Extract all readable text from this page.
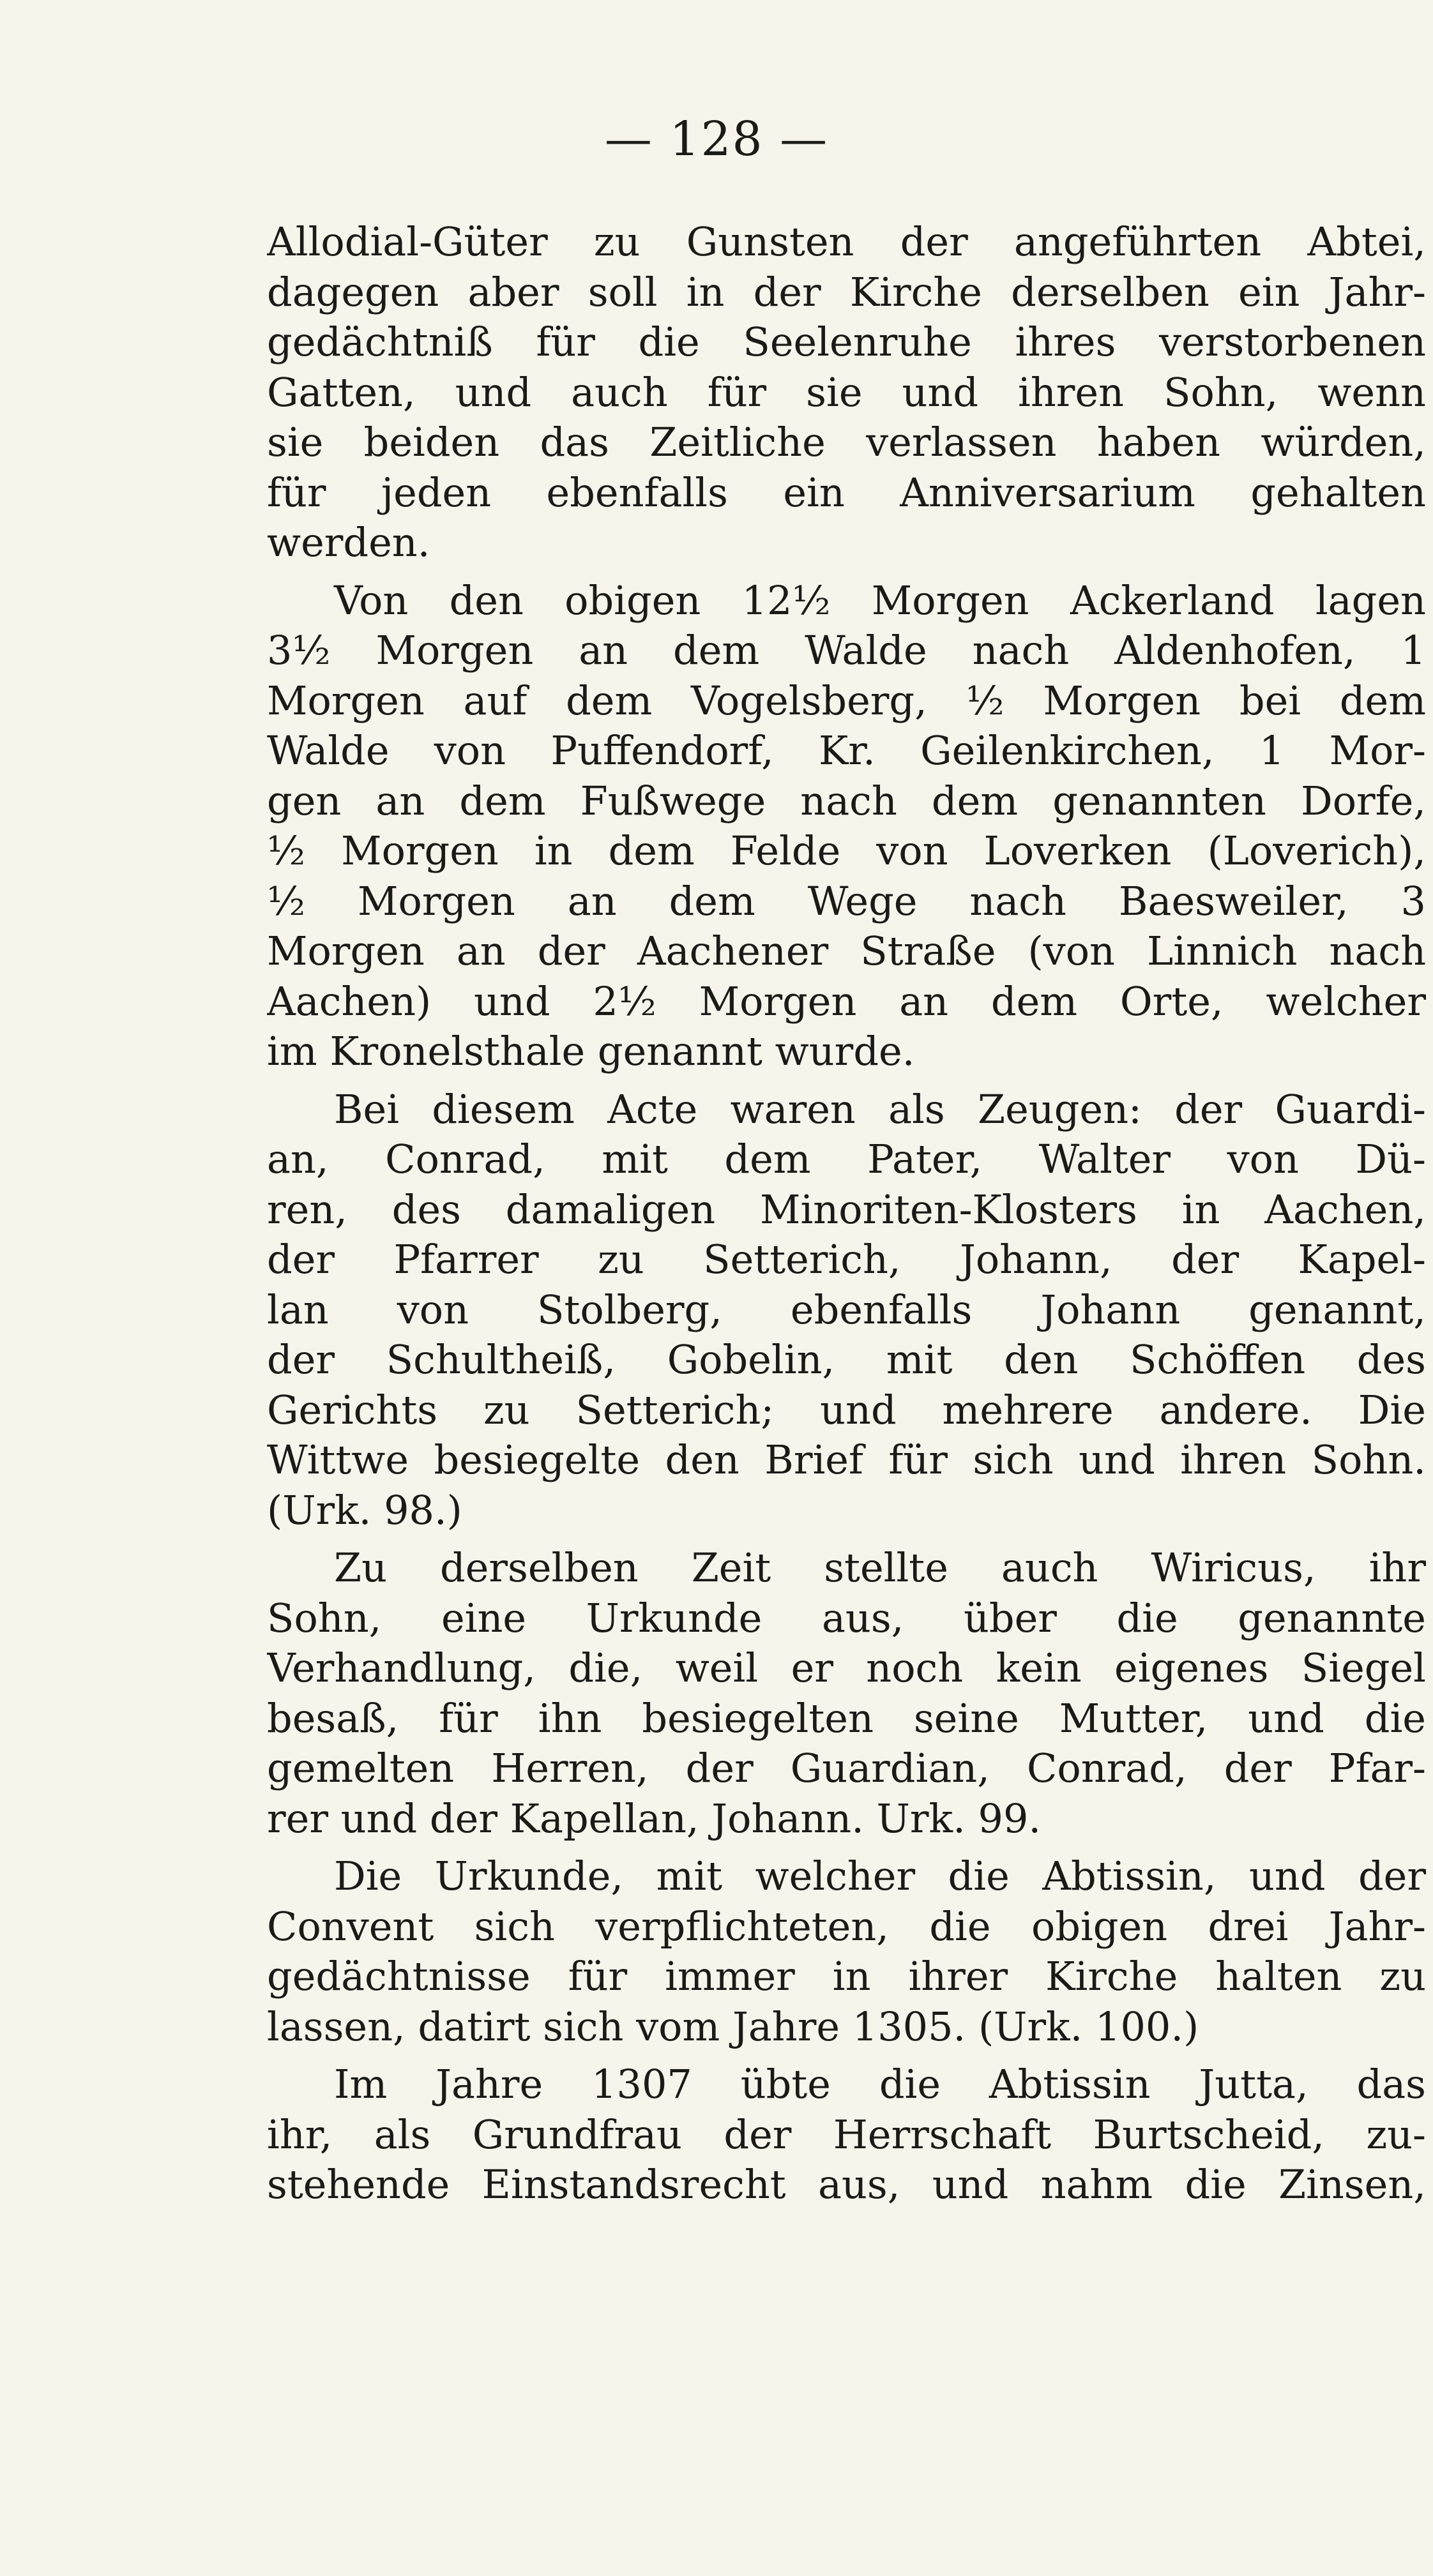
— 128 —
Allodial-Güter zu Gunsten der angeführten Abtei,
dagegen aber soll in der Kirche derselben ein Jahr-
gedächtniß für die Seelenruhe ihres verstorbenen
Gatten, und auch für sie und ihren Sohn, wenn
sie beiden das Zeitliche verlassen haben würden,
für jeden ebenfalls ein Anniversarium gehalten
werden.
Von den obigen 12½ Morgen Ackerland lagen
3½ Morgen an dem Walde nach Aldenhofen, 1
Morgen auf dem Vogelsberg, ½ Morgen bei dem
Walde von Puffendorf, Kr. Geilenkirchen, 1 Mor-
gen an dem Fußwege nach dem genannten Dorfe,
½ Morgen in dem Felde von Loverken (Loverich),
½ Morgen an dem Wege nach Baesweiler, 3
Morgen an der Aachener Straße (von Linnich nach
Aachen) und 2½ Morgen an dem Orte, welcher
im Kronelsthale genannt wurde.
Bei diesem Acte waren als Zeugen: der Guardi-
an, Conrad, mit dem Pater, Walter von Dü-
ren, des damaligen Minoriten-Klosters in Aachen,
der Pfarrer zu Setterich, Johann, der Kapel-
lan von Stolberg, ebenfalls Johann genannt,
der Schultheiß, Gobelin, mit den Schöffen des
Gerichts zu Setterich; und mehrere andere. Die
Wittwe besiegelte den Brief für sich und ihren Sohn.
(Urk. 98.)
Zu derselben Zeit stellte auch Wiricus, ihr
Sohn, eine Urkunde aus, über die genannte
Verhandlung, die, weil er noch kein eigenes Siegel
besaß, für ihn besiegelten seine Mutter, und die
gemelten Herren, der Guardian, Conrad, der Pfar-
rer und der Kapellan, Johann. Urk. 99.
Die Urkunde, mit welcher die Abtissin, und der
Convent sich verpflichteten, die obigen drei Jahr-
gedächtnisse für immer in ihrer Kirche halten zu
lassen, datirt sich vom Jahre 1305. (Urk. 100.)
Im Jahre 1307 übte die Abtissin Jutta, das
ihr, als Grundfrau der Herrschaft Burtscheid, zu-
stehende Einstandsrecht aus, und nahm die Zinsen,
